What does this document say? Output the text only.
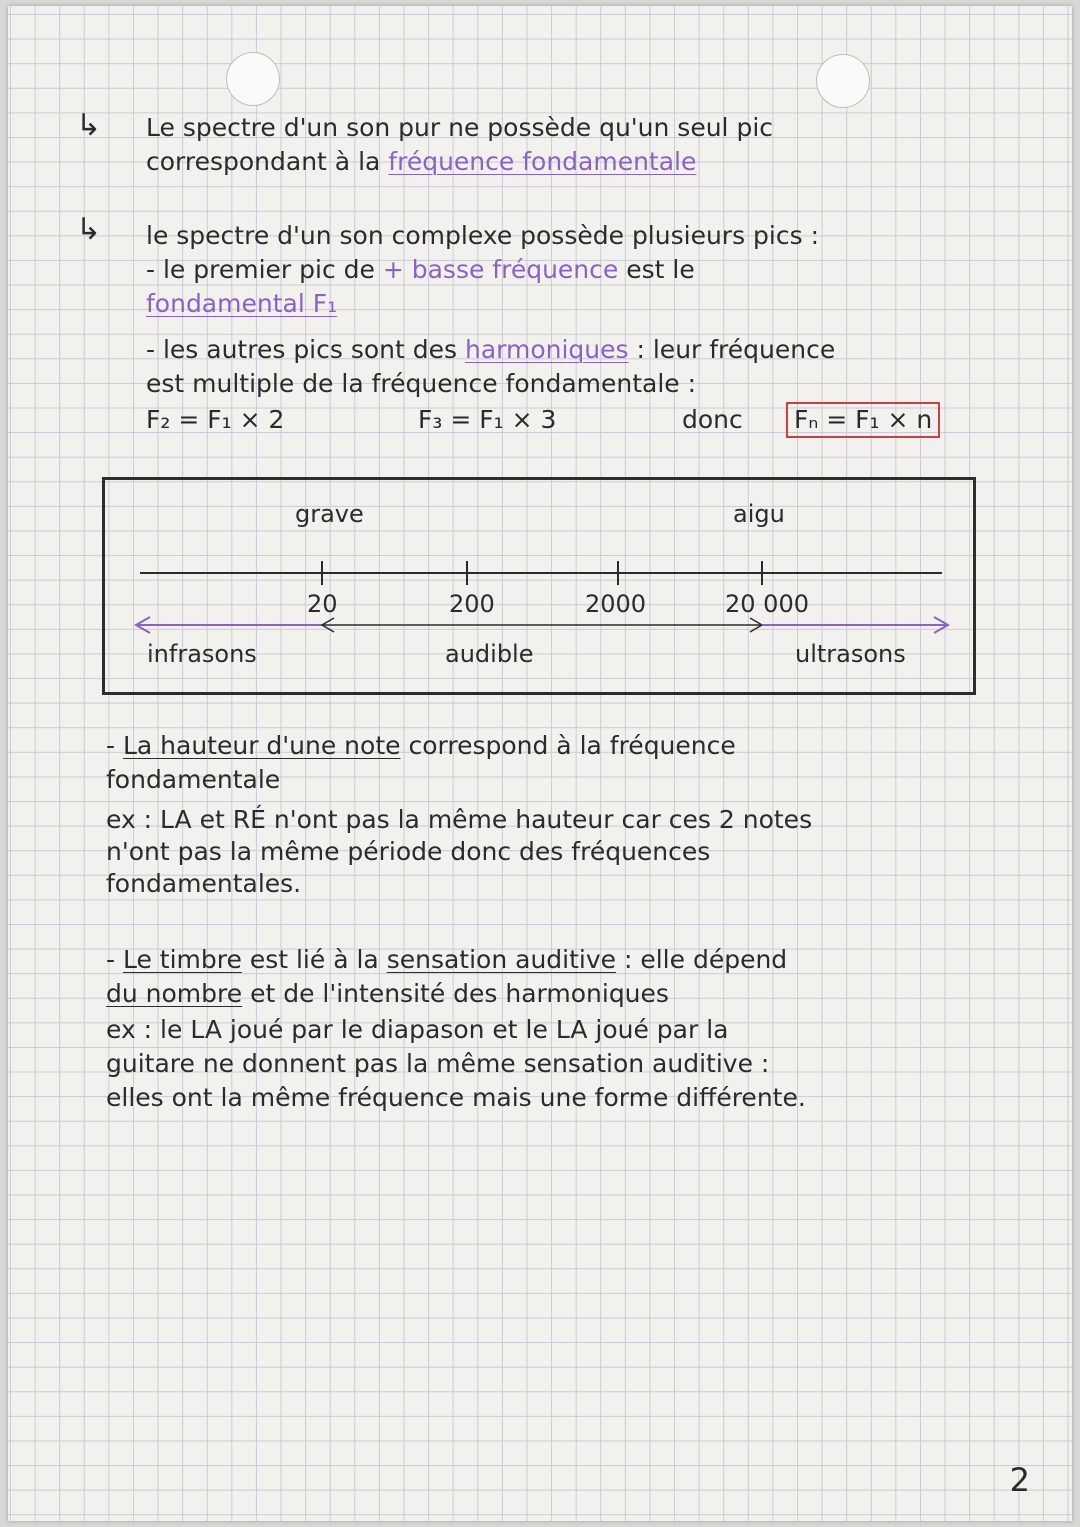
↳ Le spectre d'un son pur ne possède qu'un seul pic
correspondant à la fréquence fondamentale
↳ le spectre d'un son complexe possède plusieurs pics :
- le premier pic de + basse fréquence est le
fondamental F₁
- les autres pics sont des harmoniques : leur fréquence
est multiple de la fréquence fondamentale :
F₂ = F₁ × 2	F₃ = F₁ × 3	donc	Fₙ = F₁ × n
grave	aigu
20	200	2000	20 000
infrasons	audible	ultrasons
- La hauteur d'une note correspond à la fréquence
fondamentale
ex : LA et RÉ n'ont pas la même hauteur car ces 2 notes
n'ont pas la même période donc des fréquences
fondamentales.
- Le timbre est lié à la sensation auditive : elle dépend
du nombre et de l'intensité des harmoniques
ex : le LA joué par le diapason et le LA joué par la
guitare ne donnent pas la même sensation auditive :
elles ont la même fréquence mais une forme différente.
2
